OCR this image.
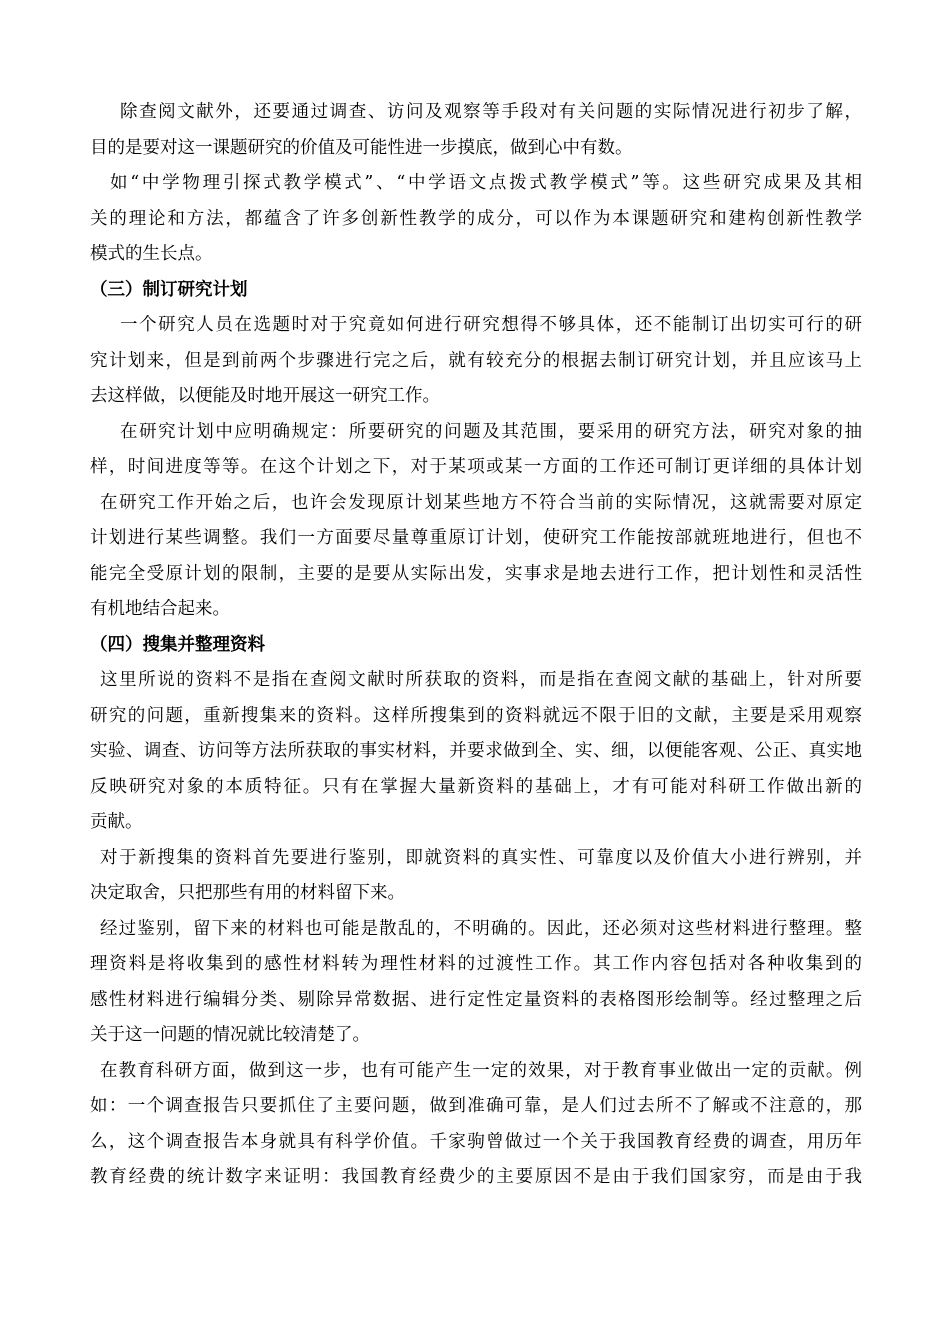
除查阅文献外，还要通过调查、访问及观察等手段对有关问题的实际情况进行初步了解，
目的是要对这一课题研究的价值及可能性进一步摸底，做到心中有数。
如“中学物理引探式教学模式”、“中学语文点拨式教学模式”等。这些研究成果及其相
关的理论和方法，都蕴含了许多创新性教学的成分，可以作为本课题研究和建构创新性教学
模式的生长点。
（三）制订研究计划
一个研究人员在选题时对于究竟如何进行研究想得不够具体，还不能制订出切实可行的研
究计划来，但是到前两个步骤进行完之后，就有较充分的根据去制订研究计划，并且应该马上
去这样做，以便能及时地开展这一研究工作。
在研究计划中应明确规定：所要研究的问题及其范围，要采用的研究方法，研究对象的抽
样，时间进度等等。在这个计划之下，对于某项或某一方面的工作还可制订更详细的具体计划
在研究工作开始之后，也许会发现原计划某些地方不符合当前的实际情况，这就需要对原定
计划进行某些调整。我们一方面要尽量尊重原订计划，使研究工作能按部就班地进行，但也不
能完全受原计划的限制，主要的是要从实际出发，实事求是地去进行工作，把计划性和灵活性
有机地结合起来。
（四）搜集并整理资料
这里所说的资料不是指在查阅文献时所获取的资料，而是指在查阅文献的基础上，针对所要
研究的问题，重新搜集来的资料。这样所搜集到的资料就远不限于旧的文献，主要是采用观察
实验、调查、访问等方法所获取的事实材料，并要求做到全、实、细，以便能客观、公正、真实地
反映研究对象的本质特征。只有在掌握大量新资料的基础上，才有可能对科研工作做出新的
贡献。
对于新搜集的资料首先要进行鉴别，即就资料的真实性、可靠度以及价值大小进行辨别，并
决定取舍，只把那些有用的材料留下来。
经过鉴别，留下来的材料也可能是散乱的，不明确的。因此，还必须对这些材料进行整理。整
理资料是将收集到的感性材料转为理性材料的过渡性工作。其工作内容包括对各种收集到的
感性材料进行编辑分类、剔除异常数据、进行定性定量资料的表格图形绘制等。经过整理之后
关于这一问题的情况就比较清楚了。
在教育科研方面，做到这一步，也有可能产生一定的效果，对于教育事业做出一定的贡献。例
如：一个调查报告只要抓住了主要问题，做到准确可靠，是人们过去所不了解或不注意的，那
么，这个调查报告本身就具有科学价值。千家驹曾做过一个关于我国教育经费的调查，用历年
教育经费的统计数字来证明：我国教育经费少的主要原因不是由于我们国家穷，而是由于我
